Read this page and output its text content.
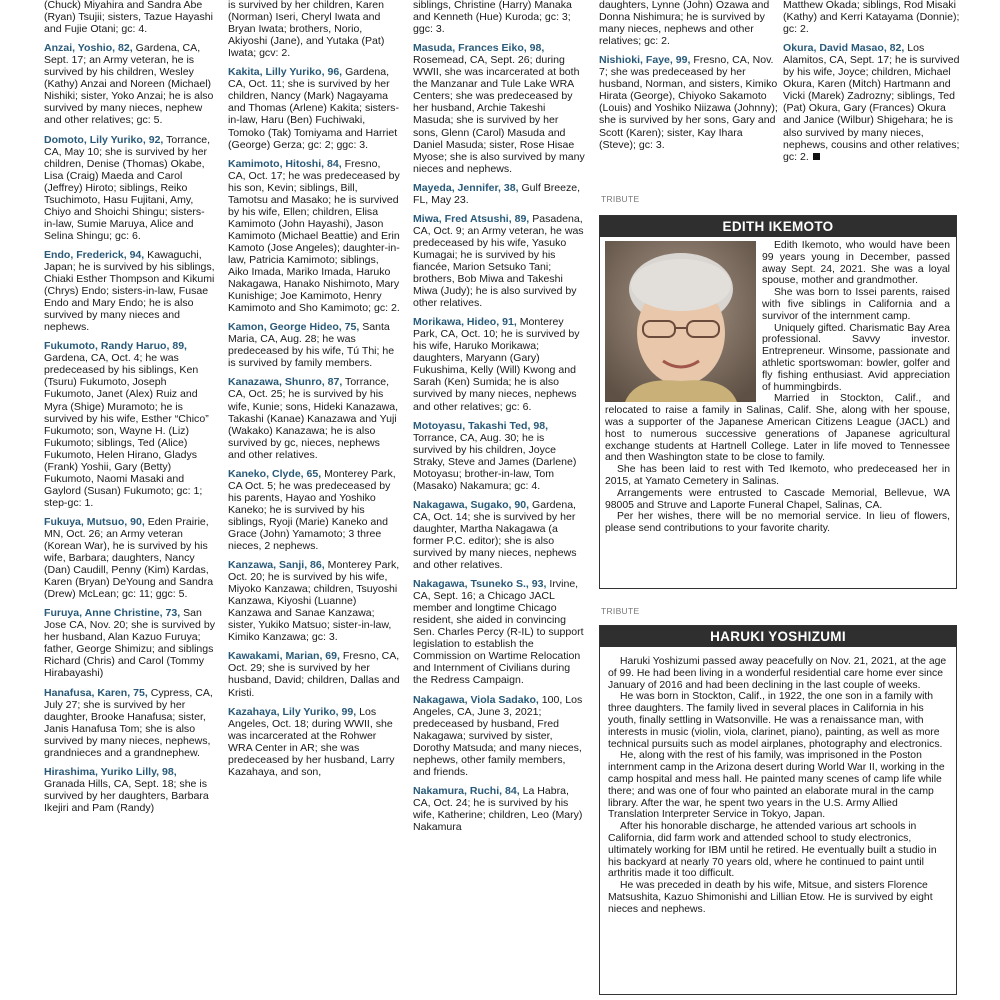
(Chuck) Miyahira and Sandra Abe (Ryan) Tsujii; sisters, Tazue Hayashi and Fujie Otani; gc: 4.
Anzai, Yoshio, 82, Gardena, CA, Sept. 17; an Army veteran, he is survived by his children, Wesley (Kathy) Anzai and Noreen (Michael) Nishiki; sister, Yoko Anzai; he is also survived by many nieces, nephew and other relatives; gc: 5.
Domoto, Lily Yuriko, 92, Torrance, CA, May 10; she is survived by her children, Denise (Thomas) Okabe, Lisa (Craig) Maeda and Carol (Jeffrey) Hiroto; siblings, Reiko Tsuchimoto, Hasu Fujitani, Amy, Chiyo and Shoichi Shingu; sisters-in-law, Sumie Maruya, Alice and Selina Shingu; gc: 6.
Endo, Frederick, 94, Kawaguchi, Japan; he is survived by his siblings, Chiaki Esther Thompson and Kikumi (Chrys) Endo; sisters-in-law, Fusae Endo and Mary Endo; he is also survived by many nieces and nephews.
Fukumoto, Randy Haruo, 89, Gardena, CA, Oct. 4; he was predeceased by his siblings, Ken (Tsuru) Fukumoto, Joseph Fukumoto, Janet (Alex) Ruiz and Myra (Shige) Muramoto; he is survived by his wife, Esther “Chico” Fukumoto; son, Wayne H. (Liz) Fukumoto; siblings, Ted (Alice) Fukumoto, Helen Hirano, Gladys (Frank) Yoshii, Gary (Betty) Fukumoto, Naomi Masaki and Gaylord (Susan) Fukumoto; gc: 1; step-gc: 1.
Fukuya, Mutsuo, 90, Eden Prairie, MN, Oct. 26; an Army veteran (Korean War), he is survived by his wife, Barbara; daughters, Nancy (Dan) Caudill, Penny (Kim) Kardas, Karen (Bryan) DeYoung and Sandra (Drew) McLean; gc: 11; ggc: 5.
Furuya, Anne Christine, 73, San Jose CA, Nov. 20; she is survived by her husband, Alan Kazuo Furuya; father, George Shimizu; and siblings Richard (Chris) and Carol (Tommy Hirabayashi)
Hanafusa, Karen, 75, Cypress, CA, July 27; she is survived by her daughter, Brooke Hanafusa; sister, Janis Hanafusa Tom; she is also survived by many nieces, nephews, grandnieces and a grandnephew.
Hirashima, Yuriko Lilly, 98, Granada Hills, CA, Sept. 18; she is survived by her daughters, Barbara Ikejiri and Pam (Randy)
is survived by her children, Karen (Norman) Iseri, Cheryl Iwata and Bryan Iwata; brothers, Norio, Akiyoshi (Jane), and Yutaka (Pat) Iwata; gcv: 2.
Kakita, Lilly Yuriko, 96, Gardena, CA, Oct. 11; she is survived by her children, Nancy (Mark) Nagayama and Thomas (Arlene) Kakita; sisters-in-law, Haru (Ben) Fuchiwaki, Tomoko (Tak) Tomiyama and Harriet (George) Gerza; gc: 2; ggc: 3.
Kamimoto, Hitoshi, 84, Fresno, CA, Oct. 17; he was predeceased by his son, Kevin; siblings, Bill, Tamotsu and Masako; he is survived by his wife, Ellen; children, Elisa Kamimoto (John Hayashi), Jason Kamimoto (Michael Beattie) and Erin Kamoto (Jose Angeles); daughter-in-law, Patricia Kamimoto; siblings, Aiko Imada, Mariko Imada, Haruko Nakagawa, Hanako Nishimoto, Mary Kunishige; Joe Kamimoto, Henry Kamimoto and Sho Kamimoto; gc: 2.
Kamon, George Hideo, 75, Santa Maria, CA, Aug. 28; he was predeceased by his wife, Tú Thi; he is survived by family members.
Kanazawa, Shunro, 87, Torrance, CA, Oct. 25; he is survived by his wife, Kunie; sons, Hideki Kanazawa, Takashi (Kanae) Kanazawa and Yuji (Wakako) Kanazawa; he is also survived by gc, nieces, nephews and other relatives.
Kaneko, Clyde, 65, Monterey Park, CA Oct. 5; he was predeceased by his parents, Hayao and Yoshiko Kaneko; he is survived by his siblings, Ryoji (Marie) Kaneko and Grace (John) Yamamoto; 3 three nieces, 2 nephews.
Kanzawa, Sanji, 86, Monterey Park, Oct. 20; he is survived by his wife, Miyoko Kanzawa; children, Tsuyoshi Kanzawa, Kiyoshi (Luanne) Kanzawa and Sanae Kanzawa; sister, Yukiko Matsuo; sister-in-law, Kimiko Kanzawa; gc: 3.
Kawakami, Marian, 69, Fresno, CA, Oct. 29; she is survived by her husband, David; children, Dallas and Kristi.
Kazahaya, Lily Yuriko, 99, Los Angeles, Oct. 18; during WWII, she was incarcerated at the Rohwer WRA Center in AR; she was predeceased by her husband, Larry Kazahaya, and son,
siblings, Christine (Harry) Manaka and Kenneth (Hue) Kuroda; gc: 3; ggc: 3.
Masuda, Frances Eiko, 98, Rosemead, CA, Sept. 26; during WWII, she was incarcerated at both the Manzanar and Tule Lake WRA Centers; she was predeceased by her husband, Archie Takeshi Masuda; she is survived by her sons, Glenn (Carol) Masuda and Daniel Masuda; sister, Rose Hisae Myose; she is also survived by many nieces and nephews.
Mayeda, Jennifer, 38, Gulf Breeze, FL, May 23.
Miwa, Fred Atsushi, 89, Pasadena, CA, Oct. 9; an Army veteran, he was predeceased by his wife, Yasuko Kumagai; he is survived by his fiancée, Marion Setsuko Tani; brothers, Bob Miwa and Takeshi Miwa (Judy); he is also survived by other relatives.
Morikawa, Hideo, 91, Monterey Park, CA, Oct. 10; he is survived by his wife, Haruko Morikawa; daughters, Maryann (Gary) Fukushima, Kelly (Will) Kwong and Sarah (Ken) Sumida; he is also survived by many nieces, nephews and other relatives; gc: 6.
Motoyasu, Takashi Ted, 98, Torrance, CA, Aug. 30; he is survived by his children, Joyce Straky, Steve and James (Darlene) Motoyasu; brother-in-law, Tom (Masako) Nakamura; gc: 4.
Nakagawa, Sugako, 90, Gardena, CA, Oct. 14; she is survived by her daughter, Martha Nakagawa (a former P.C. editor); she is also survived by many nieces, nephews and other relatives.
Nakagawa, Tsuneko S., 93, Irvine, CA, Sept. 16; a Chicago JACL member and longtime Chicago resident, she aided in convincing Sen. Charles Percy (R-IL) to support legislation to establish the Commission on Wartime Relocation and Internment of Civilians during the Redress Campaign.
Nakagawa, Viola Sadako, 100, Los Angeles, CA, June 3, 2021; predeceased by husband, Fred Nakagawa; survived by sister, Dorothy Matsuda; and many nieces, nephews, other family members, and friends.
Nakamura, Ruchi, 84, La Habra, CA, Oct. 24; he is survived by his wife, Katherine; children, Leo (Mary) Nakamura
daughters, Lynne (John) Ozawa and Donna Nishimura; he is survived by many nieces, nephews and other relatives; gc: 2.
Nishioki, Faye, 99, Fresno, CA, Nov. 7; she was predeceased by her husband, Norman, and sisters, Kimiko Hirata (George), Chiyoko Sakamoto (Louis) and Yoshiko Niizawa (Johnny); she is survived by her sons, Gary and Scott (Karen); sister, Kay Ihara (Steve); gc: 3.
Matthew Okada; siblings, Rod Misaki (Kathy) and Kerri Katayama (Donnie); gc: 2.
Okura, David Masao, 82, Los Alamitos, CA, Sept. 17; he is survived by his wife, Joyce; children, Michael Okura, Karen (Mitch) Hartmann and Vicki (Marek) Zadrozny; siblings, Ted (Pat) Okura, Gary (Frances) Okura and Janice (Wilbur) Shigehara; he is also survived by many nieces, nephews, cousins and other relatives; gc: 2.
TRIBUTE
EDITH IKEMOTO

Edith Ikemoto, who would have been 99 years young in December, passed away Sept. 24, 2021. She was a loyal spouse, mother and grandmother.

She was born to Issei parents, raised with five siblings in California and a survivor of the internment camp.

Uniquely gifted. Charismatic Bay Area professional. Savvy investor. Entrepreneur. Winsome, passionate and athletic sportswoman: bowler, golfer and fly fishing enthusiast. Avid appreciation of hummingbirds.

Married in Stockton, Calif., and relocated to raise a family in Salinas, Calif. She, along with her spouse, was a supporter of the Japanese American Citizens League (JACL) and host to numerous successive generations of Japanese agricultural exchange students at Hartnell College. Later in life moved to Tennessee and then Washington state to be close to family.

She has been laid to rest with Ted Ikemoto, who predeceased her in 2015, at Yamato Cemetery in Salinas.

Arrangements were entrusted to Cascade Memorial, Bellevue, WA 98005 and Struve and Laporte Funeral Chapel, Salinas, CA.

Per her wishes, there will be no memorial service. In lieu of flowers, please send contributions to your favorite charity.

TRIBUTE
HARUKI YOSHIZUMI

Haruki Yoshizumi passed away peacefully on Nov. 21, 2021, at the age of 99. He had been living in a wonderful residential care home ever since January of 2016 and had been declining in the last couple of weeks.

He was born in Stockton, Calif., in 1922, the one son in a family with three daughters. The family lived in several places in California in his youth, finally settling in Watsonville. He was a renaissance man, with interests in music (violin, viola, clarinet, piano), painting, as well as more technical pursuits such as model airplanes, photography and electronics.

He, along with the rest of his family, was imprisoned in the Poston internment camp in the Arizona desert during World War II, working in the camp hospital and mess hall. He painted many scenes of camp life while there; and was one of four who painted an elaborate mural in the camp library. After the war, he spent two years in the U.S. Army Allied Translation Interpreter Service in Tokyo, Japan.

After his honorable discharge, he attended various art schools in California, did farm work and attended school to study electronics, ultimately working for IBM until he retired. He eventually built a studio in his backyard at nearly 70 years old, where he continued to paint until arthritis made it too difficult.

He was preceded in death by his wife, Mitsue, and sisters Florence Matsushita, Kazuo Shimonishi and Lillian Etow. He is survived by eight nieces and nephews.
